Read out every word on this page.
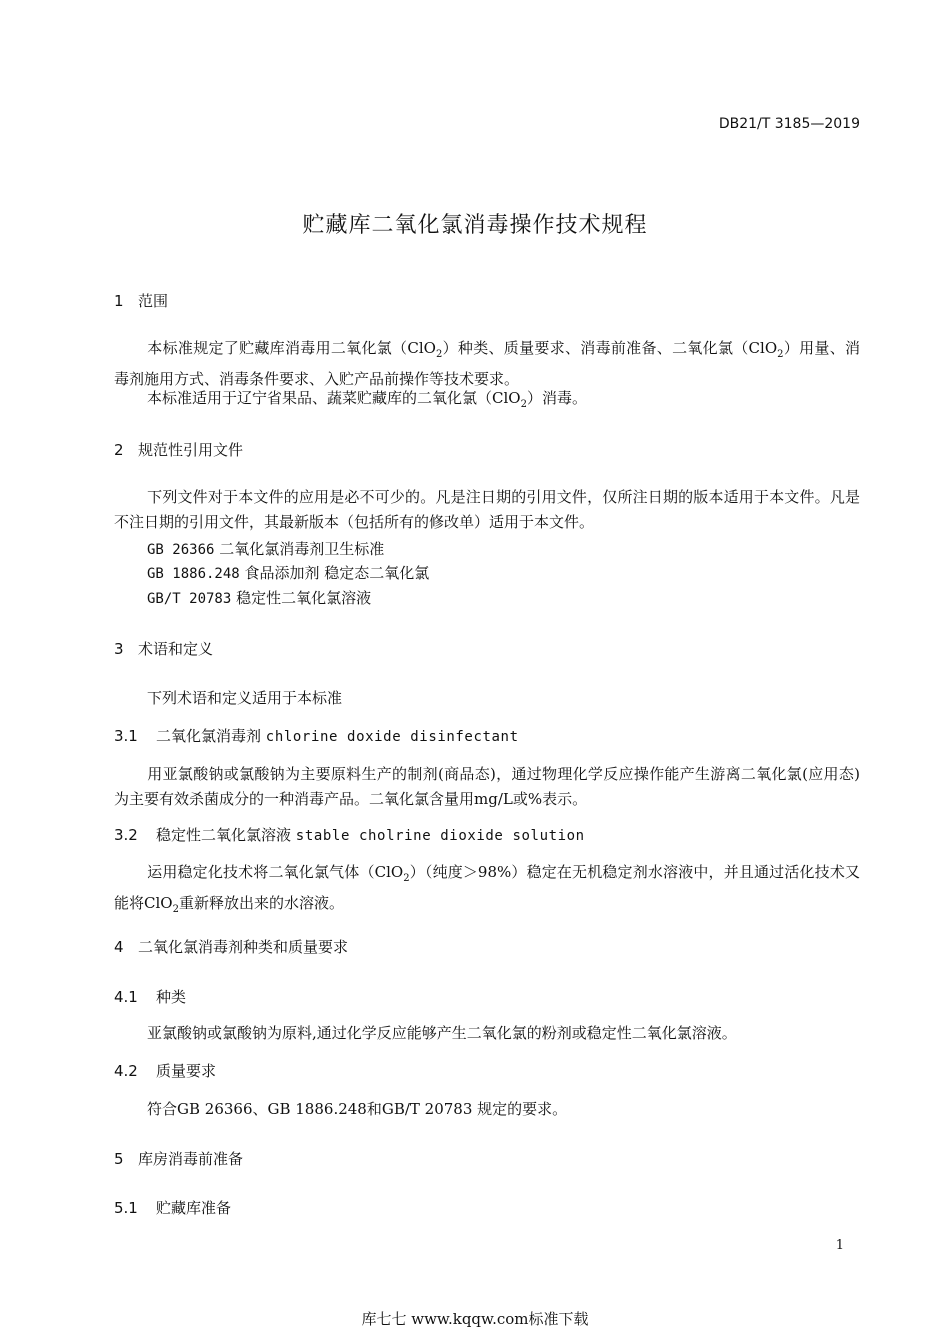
DB21/T 3185—2019
贮藏库二氧化氯消毒操作技术规程
1 范围
本标准规定了贮藏库消毒用二氧化氯（ClO$_2$）种类、质量要求、消毒前准备、二氧化氯（ClO$_2$）用量、消毒剂施用方式、消毒条件要求、入贮产品前操作等技术要求。
本标准适用于辽宁省果品、蔬菜贮藏库的二氧化氯（ClO$_2$）消毒。
2 规范性引用文件
下列文件对于本文件的应用是必不可少的。凡是注日期的引用文件，仅所注日期的版本适用于本文件。凡是不注日期的引用文件，其最新版本（包括所有的修改单）适用于本文件。
GB 26366 二氧化氯消毒剂卫生标准
GB 1886.248 食品添加剂 稳定态二氧化氯
GB/T 20783 稳定性二氧化氯溶液
3 术语和定义
下列术语和定义适用于本标准
3.1 二氧化氯消毒剂 chlorine doxide disinfectant
用亚氯酸钠或氯酸钠为主要原料生产的制剂(商品态)，通过物理化学反应操作能产生游离二氧化氯(应用态)为主要有效杀菌成分的一种消毒产品。二氧化氯含量用mg/L或%表示。
3.2 稳定性二氧化氯溶液 stable cholrine dioxide solution
运用稳定化技术将二氧化氯气体（ClO$_2$）（纯度＞98%）稳定在无机稳定剂水溶液中，并且通过活化技术又能将ClO$_2$重新释放出来的水溶液。
4 二氧化氯消毒剂种类和质量要求
4.1 种类
亚氯酸钠或氯酸钠为原料,通过化学反应能够产生二氧化氯的粉剂或稳定性二氧化氯溶液。
4.2 质量要求
符合GB 26366、GB 1886.248和GB/T 20783 规定的要求。
5 库房消毒前准备
5.1 贮藏库准备
1
库七七 www.kqqw.com标准下载
